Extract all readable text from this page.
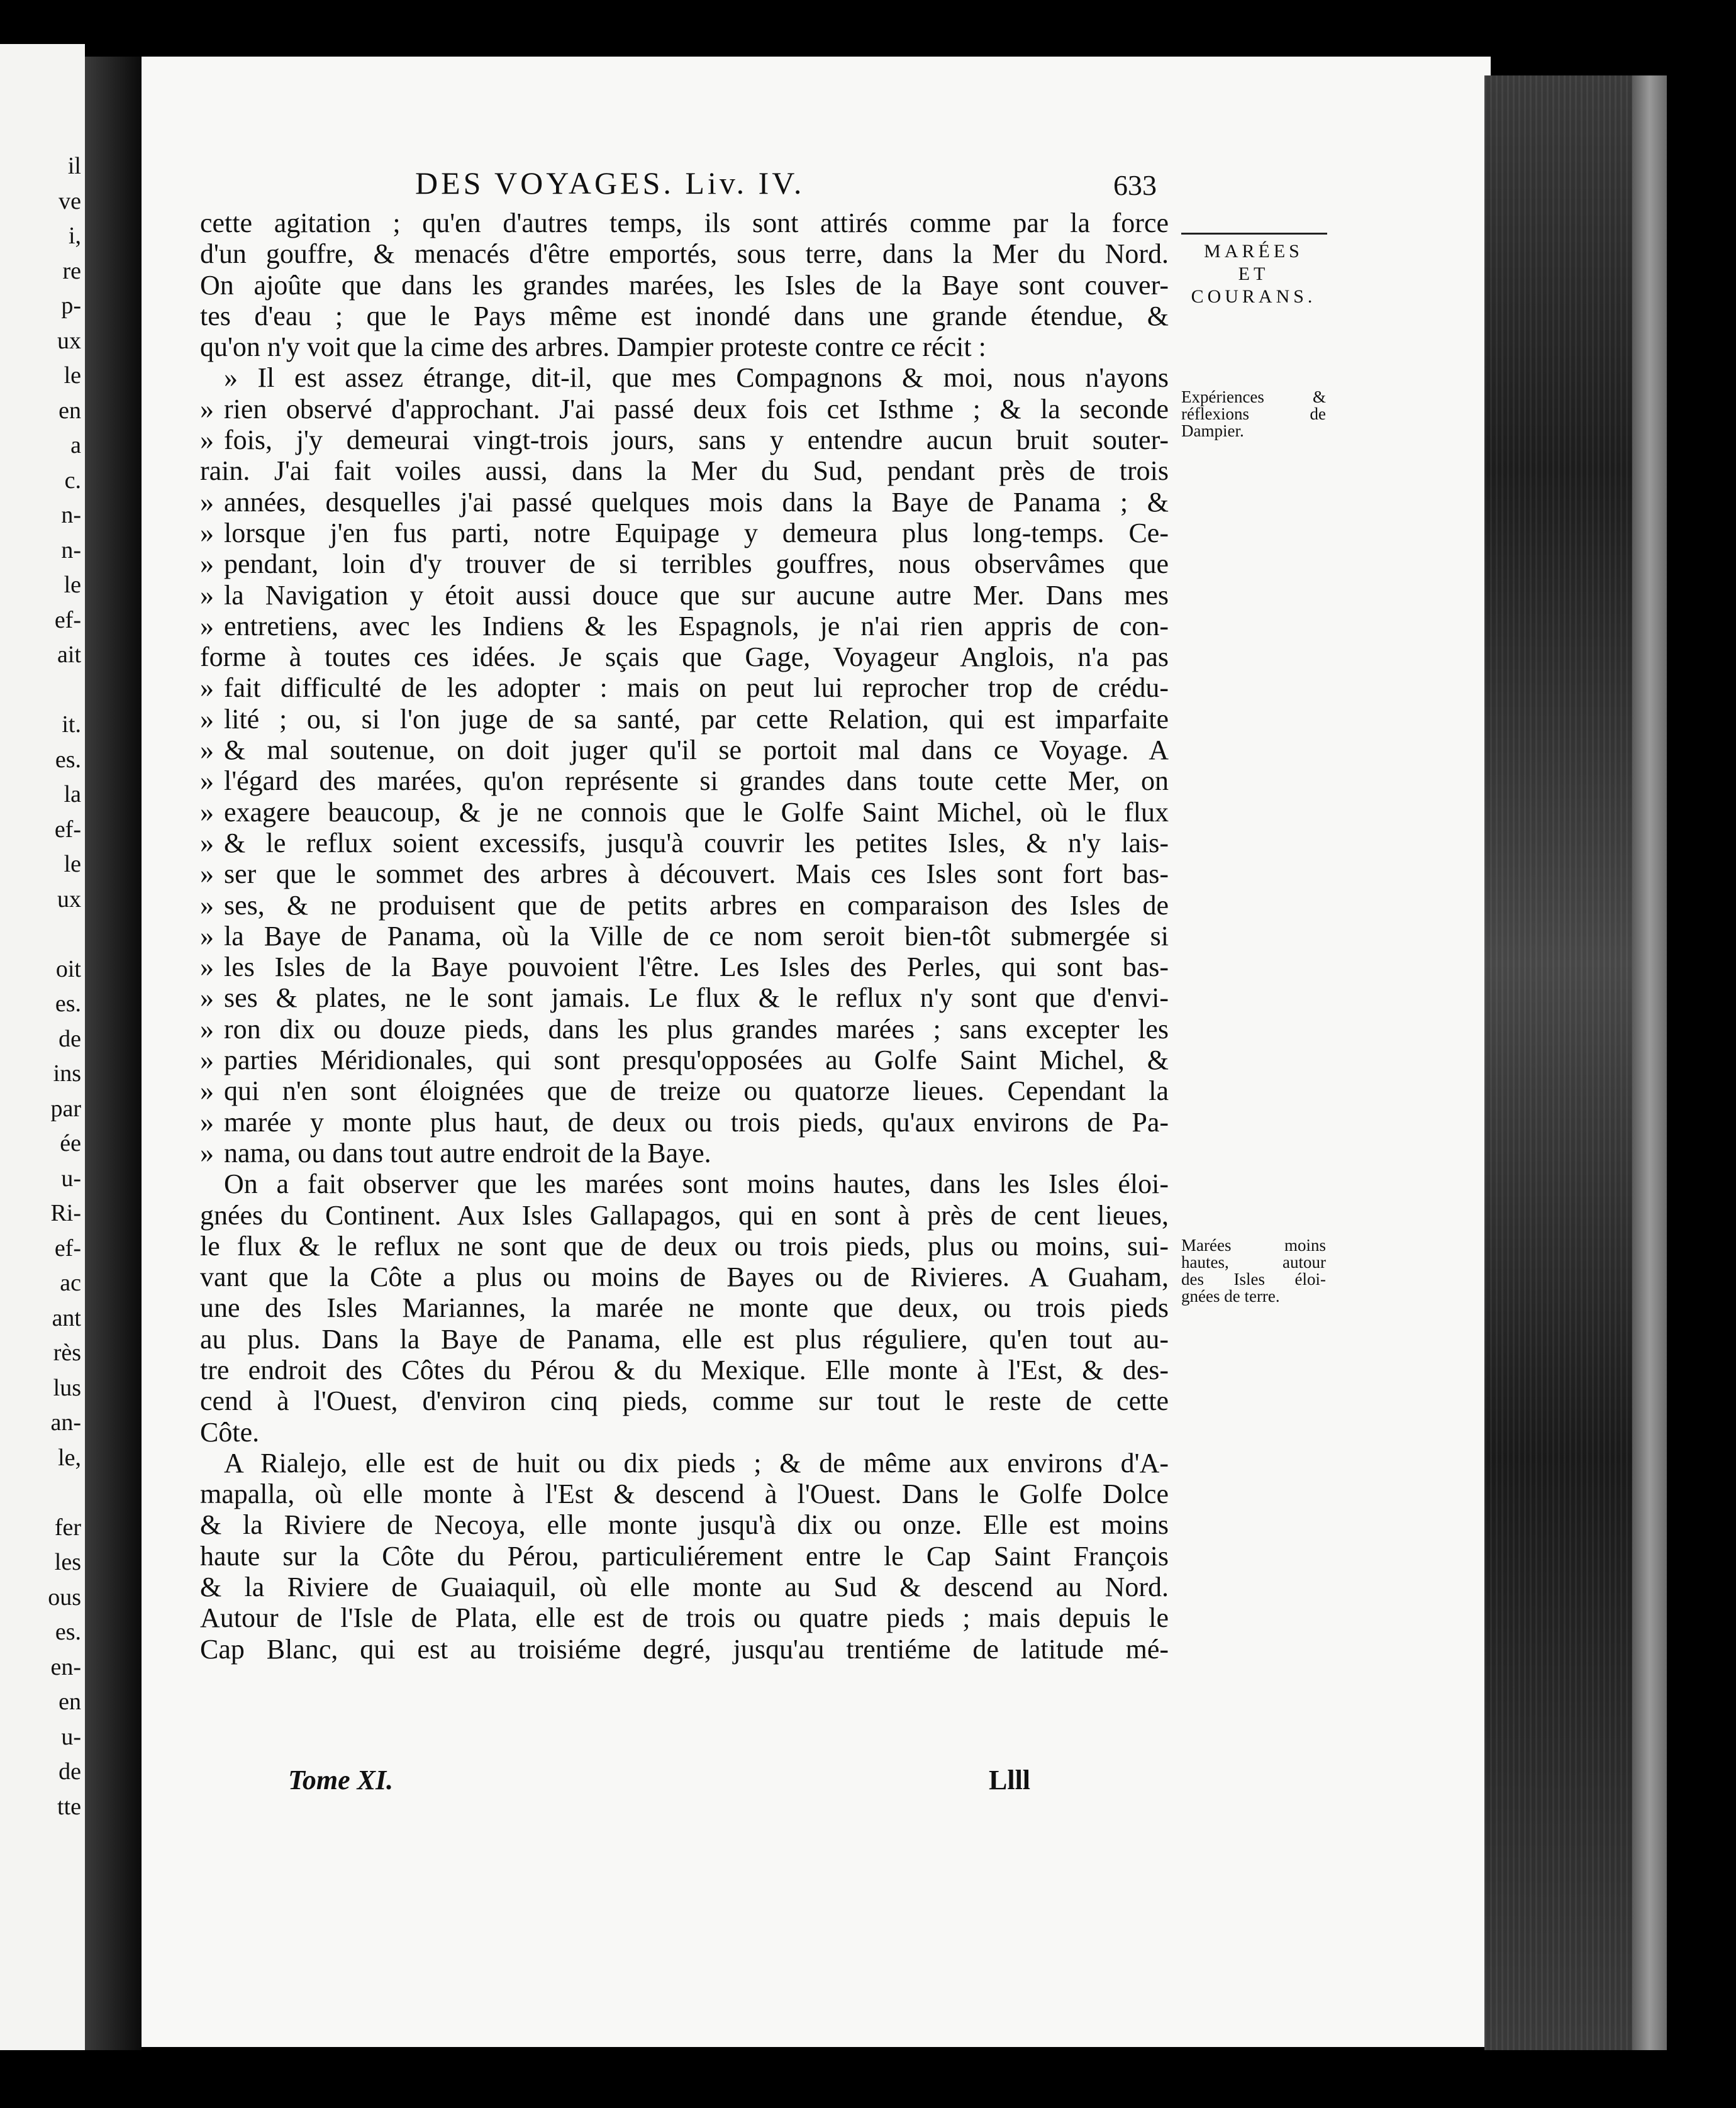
il
ve
i,
re
p-
ux
le
en
a
c.
n-
n-
le
ef-
ait
it.
es.
la
ef-
le
ux
oit
es.
de
ins
par
ée
u-
Ri-
ef-
ac
ant
rès
lus
an-
le,
fer
les
ous
es.
en-
en
u-
de
tte
DES VOYAGES. Liv. IV.	633
cette agitation ; qu'en d'autres temps, ils sont attirés comme par la force
d'un gouffre, & menacés d'être emportés, sous terre, dans la Mer du Nord.
On ajoûte que dans les grandes marées, les Isles de la Baye sont couver-
tes d'eau ; que le Pays même est inondé dans une grande étendue, &
qu'on n'y voit que la cime des arbres. Dampier proteste contre ce récit :
» Il est assez étrange, dit-il, que mes Compagnons & moi, nous n'ayons
» rien observé d'approchant. J'ai passé deux fois cet Isthme ; & la seconde
» fois, j'y demeurai vingt-trois jours, sans y entendre aucun bruit souter-
rain. J'ai fait voiles aussi, dans la Mer du Sud, pendant près de trois
» années, desquelles j'ai passé quelques mois dans la Baye de Panama ; &
» lorsque j'en fus parti, notre Equipage y demeura plus long-temps. Ce-
» pendant, loin d'y trouver de si terribles gouffres, nous observâmes que
» la Navigation y étoit aussi douce que sur aucune autre Mer. Dans mes
» entretiens, avec les Indiens & les Espagnols, je n'ai rien appris de con-
forme à toutes ces idées. Je sçais que Gage, Voyageur Anglois, n'a pas
» fait difficulté de les adopter : mais on peut lui reprocher trop de crédu-
» lité ; ou, si l'on juge de sa santé, par cette Relation, qui est imparfaite
» & mal soutenue, on doit juger qu'il se portoit mal dans ce Voyage. A
» l'égard des marées, qu'on représente si grandes dans toute cette Mer, on
» exagere beaucoup, & je ne connois que le Golfe Saint Michel, où le flux
» & le reflux soient excessifs, jusqu'à couvrir les petites Isles, & n'y lais-
» ser que le sommet des arbres à découvert. Mais ces Isles sont fort bas-
» ses, & ne produisent que de petits arbres en comparaison des Isles de
» la Baye de Panama, où la Ville de ce nom seroit bien-tôt submergée si
» les Isles de la Baye pouvoient l'être. Les Isles des Perles, qui sont bas-
» ses & plates, ne le sont jamais. Le flux & le reflux n'y sont que d'envi-
» ron dix ou douze pieds, dans les plus grandes marées ; sans excepter les
» parties Méridionales, qui sont presqu'opposées au Golfe Saint Michel, &
» qui n'en sont éloignées que de treize ou quatorze lieues. Cependant la
» marée y monte plus haut, de deux ou trois pieds, qu'aux environs de Pa-
» nama, ou dans tout autre endroit de la Baye.
On a fait observer que les marées sont moins hautes, dans les Isles éloi-
gnées du Continent. Aux Isles Gallapagos, qui en sont à près de cent lieues,
le flux & le reflux ne sont que de deux ou trois pieds, plus ou moins, sui-
vant que la Côte a plus ou moins de Bayes ou de Rivieres. A Guaham,
une des Isles Mariannes, la marée ne monte que deux, ou trois pieds
au plus. Dans la Baye de Panama, elle est plus réguliere, qu'en tout au-
tre endroit des Côtes du Pérou & du Mexique. Elle monte à l'Est, & des-
cend à l'Ouest, d'environ cinq pieds, comme sur tout le reste de cette
Côte.
A Rialejo, elle est de huit ou dix pieds ; & de même aux environs d'A-
mapalla, où elle monte à l'Est & descend à l'Ouest. Dans le Golfe Dolce
& la Riviere de Necoya, elle monte jusqu'à dix ou onze. Elle est moins
haute sur la Côte du Pérou, particuliérement entre le Cap Saint François
& la Riviere de Guaiaquil, où elle monte au Sud & descend au Nord.
Autour de l'Isle de Plata, elle est de trois ou quatre pieds ; mais depuis le
Cap Blanc, qui est au troisiéme degré, jusqu'au trentiéme de latitude mé-
MARÉES
ET
COURANS.
Expériences &
réflexions de
Dampier.
Marées moins
hautes, autour
des Isles éloi-
gnées de terre.
Tome XI.	Llll
